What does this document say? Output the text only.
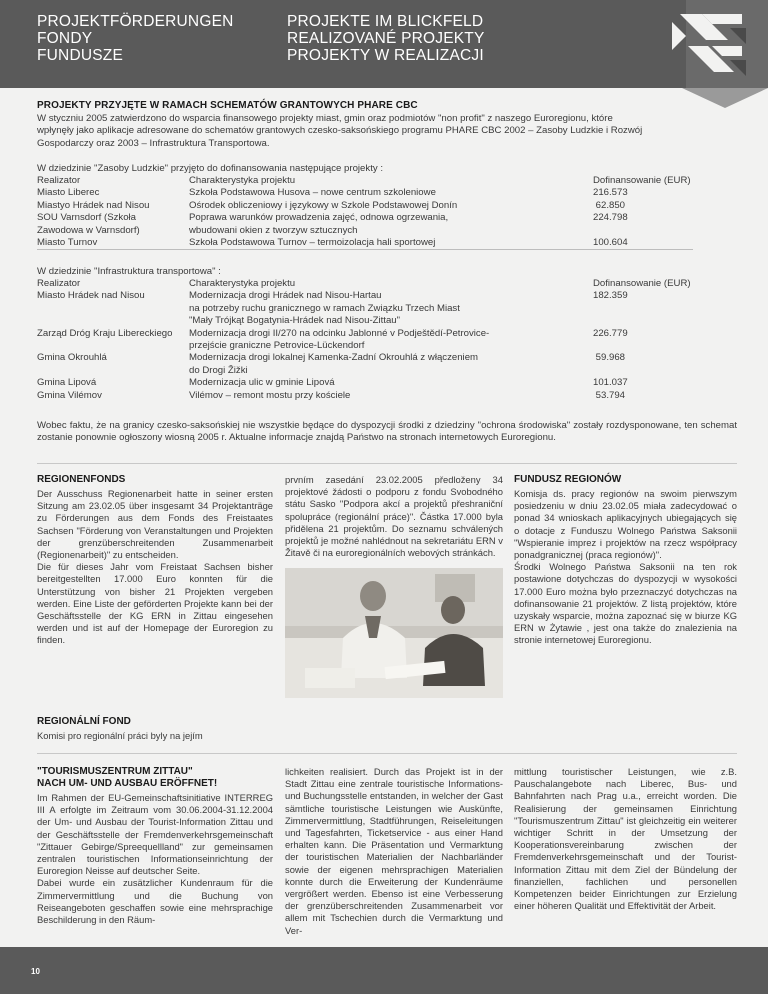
PROJEKTFÖRDERUNGEN
FONDY
FUNDUSZE
PROJEKTE IM BLICKFELD
REALIZOVANÉ PROJEKTY
PROJEKTY W REALIZACJI
PROJEKTY PRZYJĘTE W RAMACH SCHEMATÓW GRANTOWYCH PHARE CBC

W styczniu 2005 zatwierdzono do wsparcia finansowego projekty miast, gmin oraz podmiotów "non profit" z naszego Euroregionu, które

wpłynęły jako aplikacje adresowane do schematów grantowych czesko-saksońskiego programu PHARE CBC 2002 – Zasoby Ludzkie i Rozwój

Gospodarczy oraz 2003 – Infrastruktura Transportowa.

W dziedzinie "Zasoby Ludzkie" przyjęto do dofinansowania następujące projekty :
Realizator	Charakterystyka projektu	Dofinansowanie (EUR)
Miasto Liberec	Szkoła Podstawowa Husova – nowe centrum szkoleniowe	216.573
Miastyo Hrádek nad Nisou	Ośrodek obliczeniowy i językowy w Szkole Podstawowej Donín	62.850
SOU Varnsdorf (Szkoła	Poprawa warunków prowadzenia zajęć, odnowa ogrzewania,	224.798
Zawodowa w Varnsdorf)	wbudowani okien z tworzyw sztucznych	
Miasto Turnov	Szkoła Podstawowa Turnov – termoizolacja hali sportowej	100.604
W dziedzinie "Infrastruktura transportowa" :
Realizator	Charakterystyka projektu	Dofinansowanie (EUR)
Miasto Hrádek nad Nisou	Modernizacja drogi Hrádek nad Nisou-Hartau	182.359
	na potrzeby ruchu granicznego w ramach Związku Trzech Miast	
	"Mały Trójkąt Bogatynia-Hrádek nad Nisou-Zittau"	
Zarząd Dróg Kraju Libereckiego	Modernizacja drogi II/270 na odcinku Jablonné v Podještědí-Petrovice-	226.779
	przejście graniczne Petrovice-Lückendorf	
Gmina Okrouhlá	Modernizacja drogi lokalnej Kamenka-Zadní Okrouhlá z włączeniem	59.968
	do Drogi Žižki	
Gmina Lipová	Modernizacja ulic w gminie Lipová	101.037
Gmina Vilémov	Vilémov – remont mostu przy kościele	53.794
Wobec faktu, że na granicy czesko-saksońskiej nie wszystkie będące do dyspozycji środki z dziedziny "ochrona środowiska" zostały rozdysponowane, ten schemat zostanie ponownie ogłoszony wiosną 2005 r. Aktualne informacje znajdą Państwo na stronach internetowych Euroregionu.
REGIONENFONDS

Der Ausschuss Regionenarbeit hatte in seiner ersten Sitzung am 23.02.05 über insgesamt 34 Projektanträge zu Förderungen aus dem Fonds des Freistaates Sachsen "Förderung von Veranstaltungen und Projekten der grenzüberschreitenden Zusammenarbeit (Regionenarbeit)" zu entscheiden.

Die für dieses Jahr vom Freistaat Sachsen bisher bereitgestellten 17.000 Euro konnten für die Unterstützung von bisher 21 Projekten vergeben werden. Eine Liste der geförderten Projekte kann bei der Geschäftsstelle der KG ERN in Zittau eingesehen werden und ist auf der Homepage der Euroregion zu finden.

prvním zasedání 23.02.2005 předloženy 34 projektové žádosti o podporu z fondu Svobodného státu Sasko "Podpora akcí a projektů přeshraniční spolupráce (regionální práce)". Částka 17.000 byla přidělena 21 projektům. Do seznamu schválených projektů je možné nahlédnout na sekretariátu ERN v Žitavě či na euroregionálních webových stránkách.

FUNDUSZ REGIONÓW

Komisja ds. pracy regionów na swoim pierwszym posiedzeniu w dniu 23.02.05 miała zadecydować o ponad 34 wnioskach aplikacyjnych ubiegających się o dotacje z Funduszu Wolnego Państwa Saksonii "Wspieranie imprez i projektów na rzecz współpracy ponadgranicznej (praca regionów)".

Środki Wolnego Państwa Saksonii na ten rok postawione dotychczas do dyspozycji w wysokości 17.000 Euro można było przeznaczyć dotychczas na dofinansowanie 21 projektów. Z listą projektów, które uzyskały wsparcie, można zapoznać się w biurze KG ERN w Żytawie , jest ona także do znalezienia na stronie internetowej Euroregionu.

REGIONÁLNÍ FOND

Komisi pro regionální práci byly na jejím

"TOURISMUSZENTRUM ZITTAU"
NACH UM- UND AUSBAU ERÖFFNET!

Im Rahmen der EU-Gemeinschaftsinitiative INTERREG III A erfolgte im Zeitraum vom 30.06.2004-31.12.2004 der Um- und Ausbau der Tourist-Information Zittau und der Geschäftsstelle der Fremdenverkehrsgemeinschaft "Zittauer Gebirge/Spreequellland" zur gemeinsamen zentralen touristischen Informationseinrichtung der Euroregion Neisse auf deutscher Seite.

Dabei wurde ein zusätzlicher Kundenraum für die Zimmervermittlung und die Buchung von Reiseangeboten geschaffen sowie eine mehrsprachige Beschilderung in den Räum-

lichkeiten realisiert. Durch das Projekt ist in der Stadt Zittau eine zentrale touristische Informations- und Buchungsstelle entstanden, in welcher der Gast sämtliche touristische Leistungen wie Auskünfte, Zimmervermittlung, Stadtführungen, Reiseleitungen und Tagesfahrten, Ticketservice - aus einer Hand erhalten kann. Die Präsentation und Vermarktung der touristischen Materialien der Nachbarländer sowie der eigenen mehrsprachigen Materialien konnte durch die Erweiterung der Kundenräume vergrößert werden. Ebenso ist eine Verbesserung der grenzüberschreitenden Zusammenarbeit vor allem mit Tschechien durch die Vermarktung und Ver-

mittlung touristischer Leistungen, wie z.B. Pauschalangebote nach Liberec, Bus- und Bahnfahrten nach Prag u.a., erreicht worden. Die Realisierung der gemeinsamen Einrichtung "Tourismuszentrum Zittau" ist gleichzeitig ein weiterer wichtiger Schritt in der Umsetzung der Kooperationsvereinbarung zwischen der Fremdenverkehrsgemeinschaft und der Tourist-Information Zittau mit dem Ziel der Bündelung der finanziellen, fachlichen und personellen Kompetenzen beider Einrichtungen zur Erzielung einer höheren Qualität und Effektivität der Arbeit.

10
